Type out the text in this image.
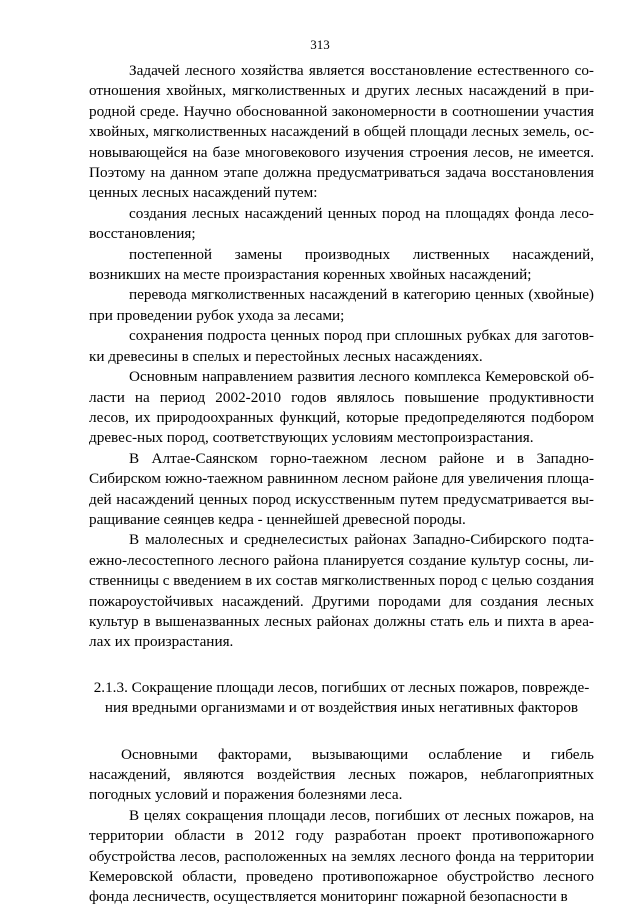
313

Задачей лесного хозяйства является восстановление естественного со-отношения хвойных, мягколиственных и других лесных насаждений в при-родной среде. Научно обоснованной закономерности в соотношении участия хвойных, мягколиственных насаждений в общей площади лесных земель, ос-новывающейся на базе многовекового изучения строения лесов, не имеется. Поэтому на данном этапе должна предусматриваться задача восстановления ценных лесных насаждений путем:

создания лесных насаждений ценных пород на площадях фонда лесо-восстановления;

постепенной замены производных лиственных насаждений, возникших на месте произрастания коренных хвойных насаждений;

перевода мягколиственных насаждений в категорию ценных (хвойные) при проведении рубок ухода за лесами;

сохранения подроста ценных пород при сплошных рубках для заготов-ки древесины в спелых и перестойных лесных насаждениях.

Основным направлением развития лесного комплекса Кемеровской об-ласти на период 2002-2010 годов являлось повышение продуктивности лесов, их природоохранных функций, которые предопределяются подбором древес-ных пород, соответствующих условиям местопроизрастания.

В Алтае-Саянском горно-таежном лесном районе и в Западно-Сибирском южно-таежном равнинном лесном районе для увеличения площа-дей насаждений ценных пород искусственным путем предусматривается вы-ращивание сеянцев кедра - ценнейшей древесной породы.

В малолесных и среднелесистых районах Западно-Сибирского подта-ежно-лесостепного лесного района планируется создание культур сосны, ли-ственницы с введением в их состав мягколиственных пород с целью создания пожароустойчивых насаждений. Другими породами для создания лесных культур в вышеназванных лесных районах должны стать ель и пихта в ареа-лах их произрастания.

2.1.3. Сокращение площади лесов, погибших от лесных пожаров, поврежде-ния вредными организмами и от воздействия иных негативных факторов

Основными факторами, вызывающими ослабление и гибель насаждений, являются воздействия лесных пожаров, неблагоприятных погодных условий и поражения болезнями леса.

В целях сокращения площади лесов, погибших от лесных пожаров, на территории области в 2012 году разработан проект противопожарного обустройства лесов, расположенных на землях лесного фонда на территории Кемеровской области, проведено противопожарное обустройство лесного фонда лесничеств, осуществляется мониторинг пожарной безопасности в
